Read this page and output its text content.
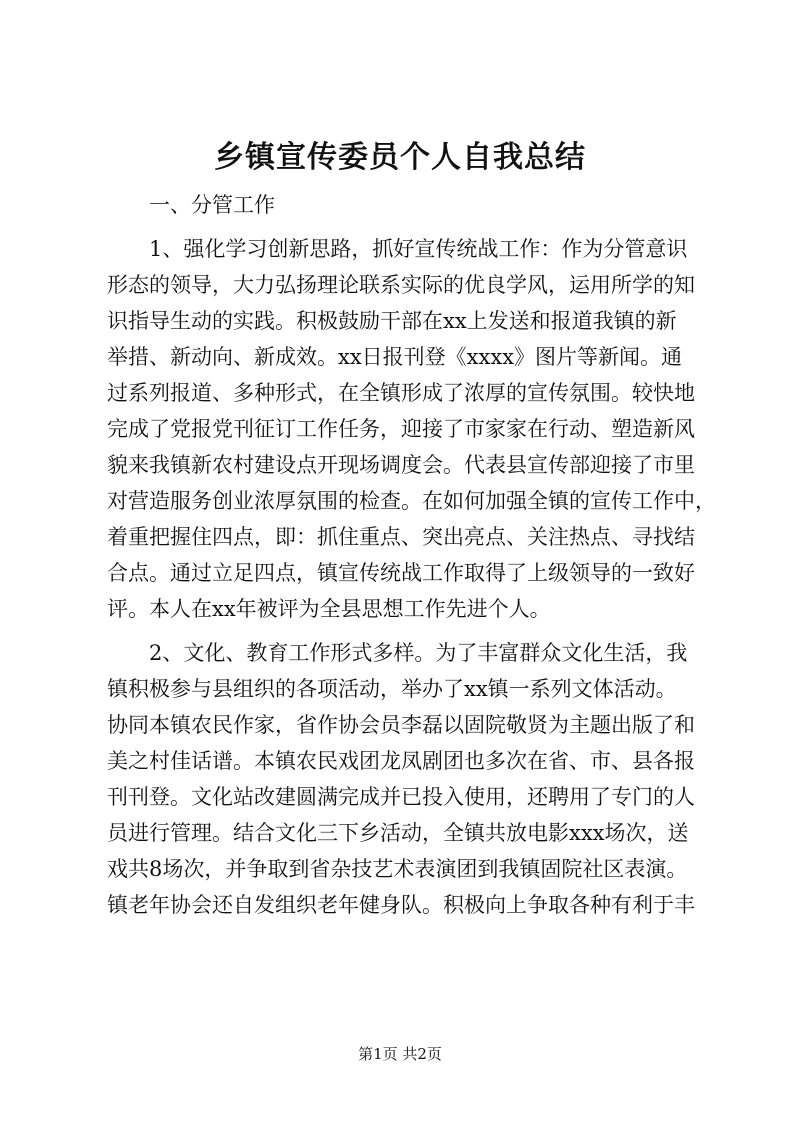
乡镇宣传委员个人自我总结
一、分管工作
1、强化学习创新思路，抓好宣传统战工作：作为分管意识
形态的领导，大力弘扬理论联系实际的优良学风，运用所学的知
识指导生动的实践。积极鼓励干部在xx上发送和报道我镇的新
举措、新动向、新成效。xx日报刊登《xxxx》图片等新闻。通
过系列报道、多种形式，在全镇形成了浓厚的宣传氛围。较快地
完成了党报党刊征订工作任务，迎接了市家家在行动、塑造新风
貌来我镇新农村建设点开现场调度会。代表县宣传部迎接了市里
对营造服务创业浓厚氛围的检查。在如何加强全镇的宣传工作中，
着重把握住四点，即：抓住重点、突出亮点、关注热点、寻找结
合点。通过立足四点，镇宣传统战工作取得了上级领导的一致好
评。本人在xx年被评为全县思想工作先进个人。
2、文化、教育工作形式多样。为了丰富群众文化生活，我
镇积极参与县组织的各项活动，举办了xx镇一系列文体活动。
协同本镇农民作家，省作协会员李磊以固院敬贤为主题出版了和
美之村佳话谱。本镇农民戏团龙凤剧团也多次在省、市、县各报
刊刊登。文化站改建圆满完成并已投入使用，还聘用了专门的人
员进行管理。结合文化三下乡活动，全镇共放电影xxx场次，送
戏共8场次，并争取到省杂技艺术表演团到我镇固院社区表演。
镇老年协会还自发组织老年健身队。积极向上争取各种有利于丰
第1页 共2页
